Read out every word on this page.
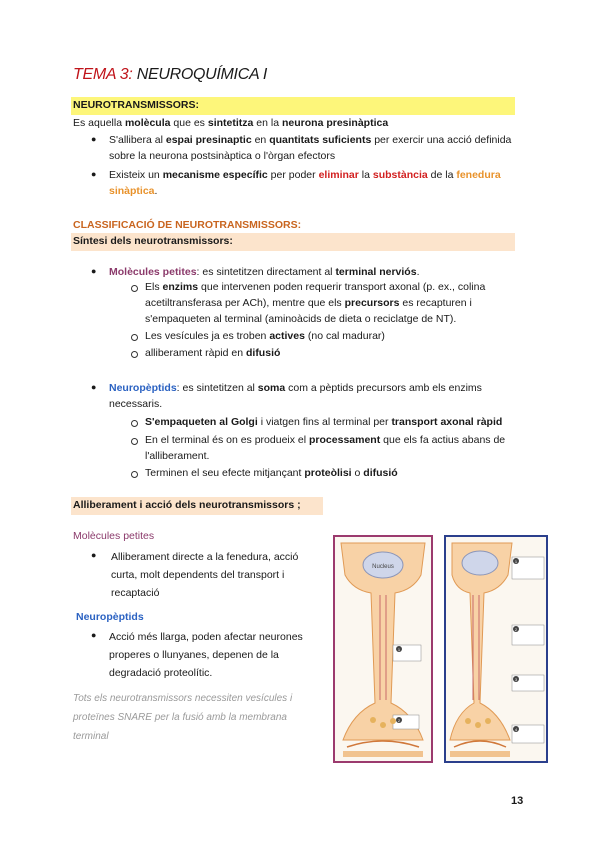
TEMA 3: NEUROQUÍMICA I
NEUROTRANSMISSORS:
Es aquella molècula que es sintetitza en la neurona presinàptica
● S'allibera al espai presinaptic en quantitats suficients per exercir una acció definida
sobre la neurona postsinàptica o l'òrgan efectors
● Existeix un mecanisme específic per poder eliminar la substància de la fenedura
sinàptica.
CLASSIFICACIÓ DE NEUROTRANSMISSORS:
Síntesi dels neurotransmissors:
● Molècules petites: es sintetitzen directament al terminal nerviós.
Els enzims que intervenen poden requerir transport axonal (p. ex., colina
acetiltransferasa per ACh), mentre que els precursors es recapturen i
s'empaqueten al terminal (aminoàcids de dieta o reciclatge de NT).
Les vesícules ja es troben actives (no cal madurar)
alliberament ràpid en difusió
● Neuropèptids: es sintetitzen al soma com a pèptids precursors amb els enzims
necessaris.
S'empaqueten al Golgi i viatgen fins al terminal per transport axonal ràpid
En el terminal és on es produeix el processament que els fa actius abans de
l'alliberament.
Terminen el seu efecte mitjançant proteòlisi o difusió
Alliberament i acció dels neurotransmissors ;
Molècules petites
● Alliberament directe a la fenedura, acció
curta, molt dependents del transport i
recaptació
Neuropèptids
● Acció més llarga, poden afectar neurones
properes o llunyanes, depenen de la
degradació proteolític.
Tots els neurotransmissors necessiten vesícules i proteïnes SNARE per la fusió amb la membrana terminal
Nucleus
1
2
1
2
3
4
13
